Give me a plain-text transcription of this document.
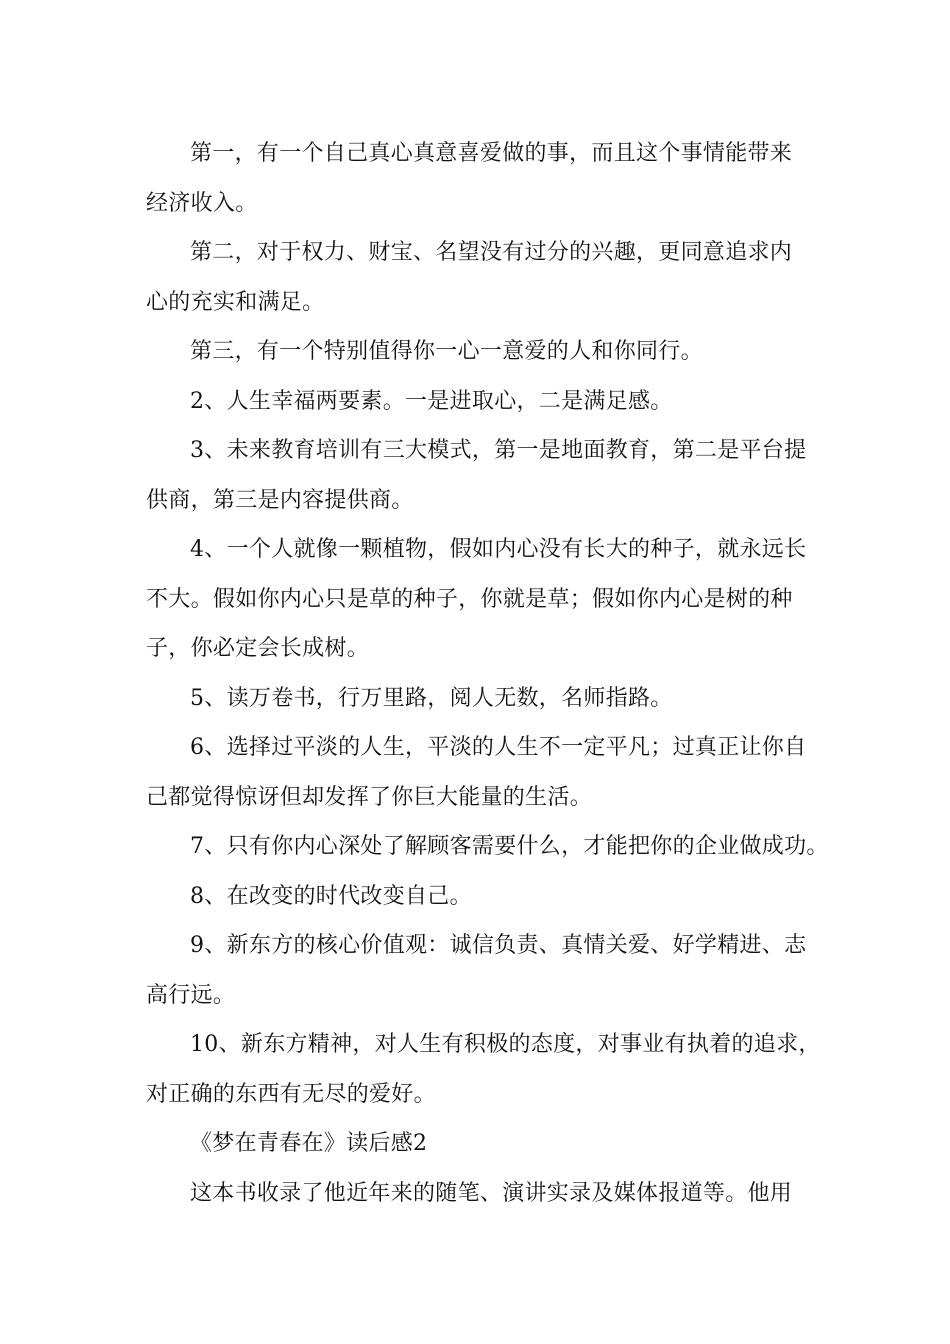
第一，有一个自己真心真意喜爱做的事，而且这个事情能带来
经济收入。
第二，对于权力、财宝、名望没有过分的兴趣，更同意追求内
心的充实和满足。
第三，有一个特别值得你一心一意爱的人和你同行。
2、人生幸福两要素。一是进取心，二是满足感。
3、未来教育培训有三大模式，第一是地面教育，第二是平台提
供商，第三是内容提供商。
4、一个人就像一颗植物，假如内心没有长大的种子，就永远长
不大。假如你内心只是草的种子，你就是草；假如你内心是树的种
子，你必定会长成树。
5、读万卷书，行万里路，阅人无数，名师指路。
6、选择过平淡的人生，平淡的人生不一定平凡；过真正让你自
己都觉得惊讶但却发挥了你巨大能量的生活。
7、只有你内心深处了解顾客需要什么，才能把你的企业做成功。
8、在改变的时代改变自己。
9、新东方的核心价值观：诚信负责、真情关爱、好学精进、志
高行远。
10、新东方精神，对人生有积极的态度，对事业有执着的追求，
对正确的东西有无尽的爱好。
《梦在青春在》读后感2
这本书收录了他近年来的随笔、演讲实录及媒体报道等。他用
